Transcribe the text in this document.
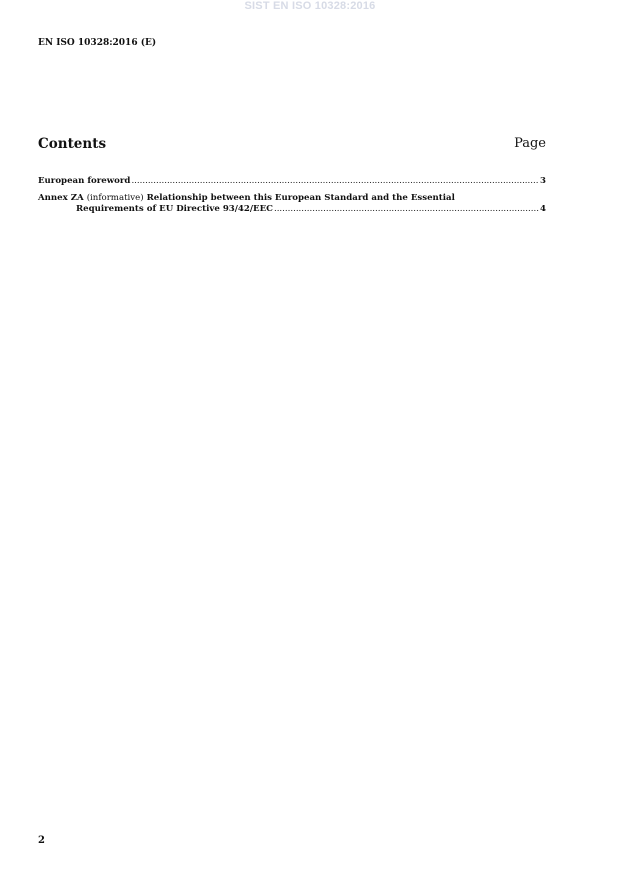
SIST EN ISO 10328:2016
EN ISO 10328:2016 (E)
Contents	Page
European foreword .....	3
Annex ZA (informative) Relationship between this European Standard and the Essential
Requirements of EU Directive 93/42/EEC .....	4
2
